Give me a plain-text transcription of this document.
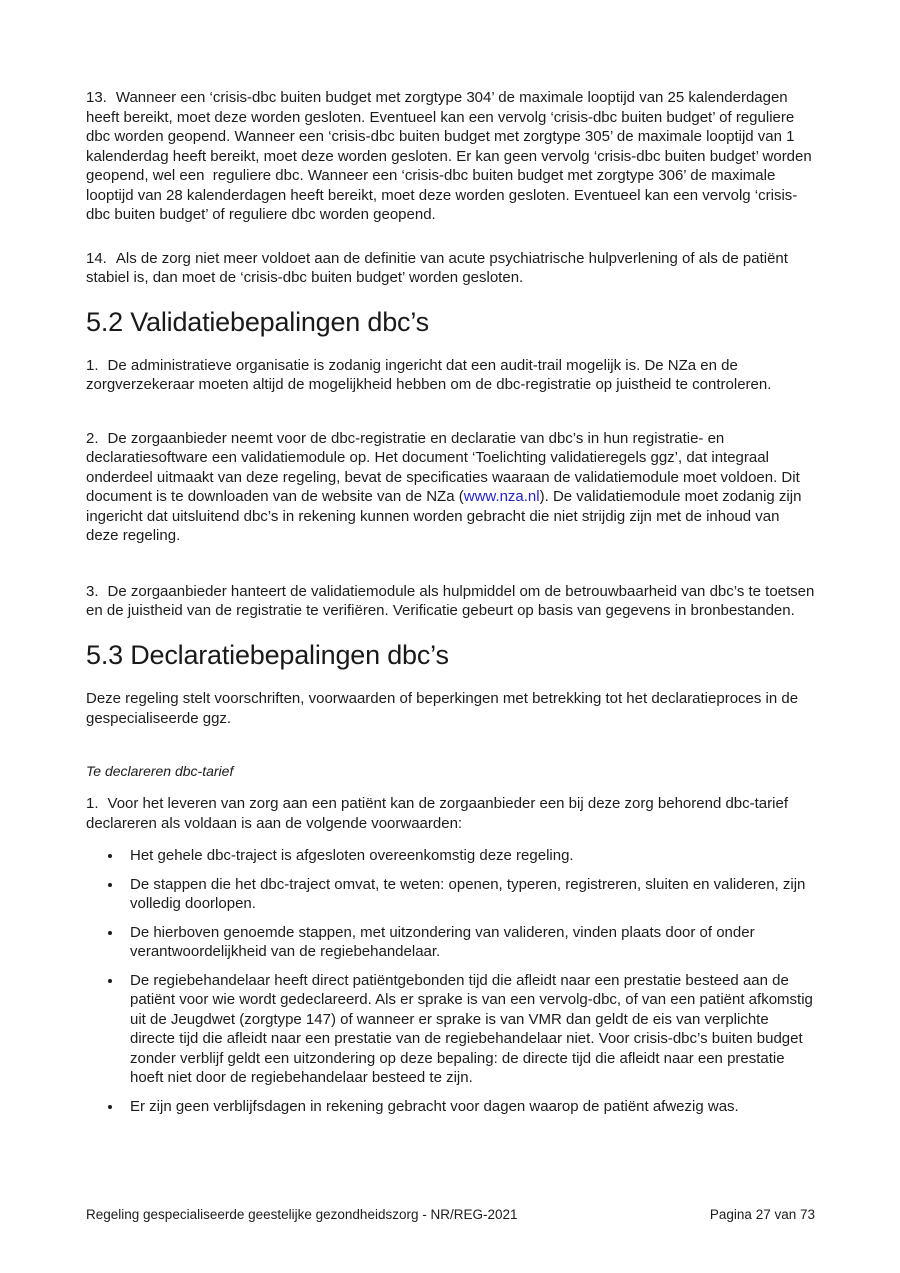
13. Wanneer een ‘crisis-dbc buiten budget met zorgtype 304’ de maximale looptijd van 25 kalenderdagen heeft bereikt, moet deze worden gesloten. Eventueel kan een vervolg ‘crisis-dbc buiten budget’ of reguliere dbc worden geopend. Wanneer een ‘crisis-dbc buiten budget met zorgtype 305’ de maximale looptijd van 1 kalenderdag heeft bereikt, moet deze worden gesloten. Er kan geen vervolg ‘crisis-dbc buiten budget’ worden geopend, wel een  reguliere dbc. Wanneer een ‘crisis-dbc buiten budget met zorgtype 306’ de maximale looptijd van 28 kalenderdagen heeft bereikt, moet deze worden gesloten. Eventueel kan een vervolg ‘crisis-dbc buiten budget’ of reguliere dbc worden geopend.

14. Als de zorg niet meer voldoet aan de definitie van acute psychiatrische hulpverlening of als de patiënt stabiel is, dan moet de ‘crisis-dbc buiten budget’ worden gesloten.

5.2 Validatiebepalingen dbc’s

1. De administratieve organisatie is zodanig ingericht dat een audit-trail mogelijk is. De NZa en de zorgverzekeraar moeten altijd de mogelijkheid hebben om de dbc-registratie op juistheid te controleren.

2. De zorgaanbieder neemt voor de dbc-registratie en declaratie van dbc’s in hun registratie- en declaratiesoftware een validatiemodule op. Het document ‘Toelichting validatieregels ggz’, dat integraal onderdeel uitmaakt van deze regeling, bevat de specificaties waaraan de validatiemodule moet voldoen. Dit document is te downloaden van de website van de NZa (www.nza.nl). De validatiemodule moet zodanig zijn ingericht dat uitsluitend dbc’s in rekening kunnen worden gebracht die niet strijdig zijn met de inhoud van deze regeling.

3. De zorgaanbieder hanteert de validatiemodule als hulpmiddel om de betrouwbaarheid van dbc’s te toetsen en de juistheid van de registratie te verifiëren. Verificatie gebeurt op basis van gegevens in bronbestanden.

5.3 Declaratiebepalingen dbc’s

Deze regeling stelt voorschriften, voorwaarden of beperkingen met betrekking tot het declaratieproces in de gespecialiseerde ggz.

Te declareren dbc-tarief

1. Voor het leveren van zorg aan een patiënt kan de zorgaanbieder een bij deze zorg behorend dbc-tarief declareren als voldaan is aan de volgende voorwaarden:

Het gehele dbc-traject is afgesloten overeenkomstig deze regeling.
De stappen die het dbc-traject omvat, te weten: openen, typeren, registreren, sluiten en valideren, zijn volledig doorlopen.
De hierboven genoemde stappen, met uitzondering van valideren, vinden plaats door of onder verantwoordelijkheid van de regiebehandelaar.
De regiebehandelaar heeft direct patiëntgebonden tijd die afleidt naar een prestatie besteed aan de patiënt voor wie wordt gedeclareerd. Als er sprake is van een vervolg-dbc, of van een patiënt afkomstig uit de Jeugdwet (zorgtype 147) of wanneer er sprake is van VMR dan geldt de eis van verplichte directe tijd die afleidt naar een prestatie van de regiebehandelaar niet. Voor crisis-dbc’s buiten budget zonder verblijf geldt een uitzondering op deze bepaling: de directe tijd die afleidt naar een prestatie hoeft niet door de regiebehandelaar besteed te zijn.
Er zijn geen verblijfsdagen in rekening gebracht voor dagen waarop de patiënt afwezig was.
Regeling gespecialiseerde geestelijke gezondheidszorg - NR/REG-2021	Pagina 27 van 73
